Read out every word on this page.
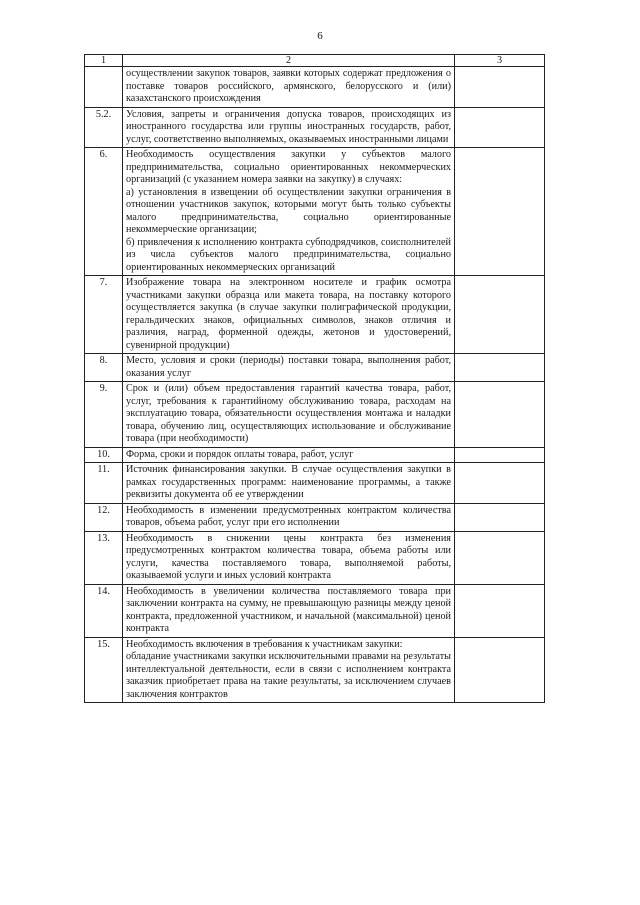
6
1	2	3

	осуществлении закупок товаров, заявки которых содержат предложения о поставке товаров российского, армянского, белорусского и (или) казахстанского происхождения	

5.2.	Условия, запреты и ограничения допуска товаров, происходящих из иностранного государства или группы иностранных государств, работ, услуг, соответственно выполняемых, оказываемых иностранными лицами	

6.	Необходимость осуществления закупки у субъектов малого предпринимательства, социально ориентированных некоммерческих организаций (с указанием номера заявки на закупку) в случаях:
а) установления в извещении об осуществлении закупки ограничения в отношении участников закупок, которыми могут быть только субъекты малого предпринимательства, социально ориентированные некоммерческие организации;
б) привлечения к исполнению контракта субподрядчиков, соисполнителей из числа субъектов малого предпринимательства, социально ориентированных некоммерческих организаций	

7.	Изображение товара на электронном носителе и график осмотра участниками закупки образца или макета товара, на поставку которого осуществляется закупка (в случае закупки полиграфической продукции, геральдических знаков, официальных символов, знаков отличия и различия, наград, форменной одежды, жетонов и удостоверений, сувенирной продукции)	

8.	Место, условия и сроки (периоды) поставки товара, выполнения работ, оказания услуг	

9.	Срок и (или) объем предоставления гарантий качества товара, работ, услуг, требования к гарантийному обслуживанию товара, расходам на эксплуатацию товара, обязательности осуществления монтажа и наладки товара, обучению лиц, осуществляющих использование и обслуживание товара (при необходимости)	

10.	Форма, сроки и порядок оплаты товара, работ, услуг	

11.	Источник финансирования закупки. В случае осуществления закупки в рамках государственных программ: наименование программы, а также реквизиты документа об ее утверждении	

12.	Необходимость в изменении предусмотренных контрактом количества товаров, объема работ, услуг при его исполнении	

13.	Необходимость в снижении цены контракта без изменения предусмотренных контрактом количества товара, объема работы или услуги, качества поставляемого товара, выполняемой работы, оказываемой услуги и иных условий контракта	

14.	Необходимость в увеличении количества поставляемого товара при заключении контракта на сумму, не превышающую разницы между ценой контракта, предложенной участником, и начальной (максимальной) ценой контракта	

15.	Необходимость включения в требования к участникам закупки:
обладание участниками закупки исключительными правами на результаты интеллектуальной деятельности, если в связи с исполнением контракта заказчик приобретает права на такие результаты, за исключением случаев заключения контрактов	
